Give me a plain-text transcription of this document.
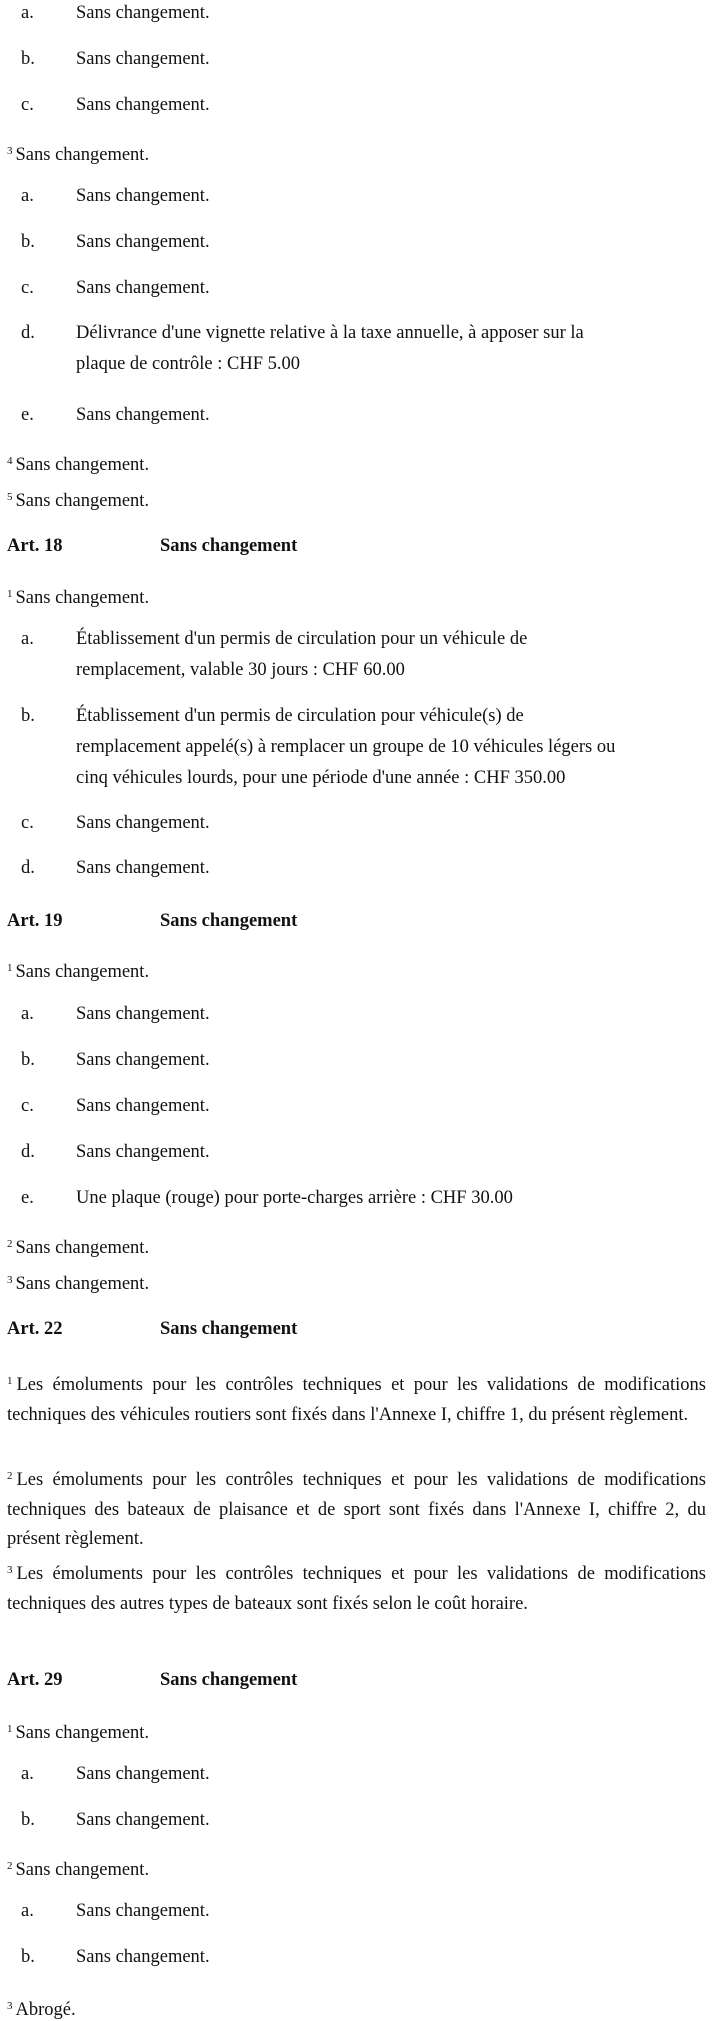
a.	Sans changement.
b.	Sans changement.
c.	Sans changement.
$^3$ Sans changement.
a.	Sans changement.
b.	Sans changement.
c.	Sans changement.
d.	Délivrance d'une vignette relative à la taxe annuelle, à apposer sur la
plaque de contrôle : CHF 5.00
e.	Sans changement.
$^4$ Sans changement.
$^5$ Sans changement.
Art. 18	Sans changement
$^1$ Sans changement.
a.	Établissement d'un permis de circulation pour un véhicule de
remplacement, valable 30 jours : CHF 60.00
b.	Établissement d'un permis de circulation pour véhicule(s) de
remplacement appelé(s) à remplacer un groupe de 10 véhicules légers ou
cinq véhicules lourds, pour une période d'une année : CHF 350.00
c.	Sans changement.
d.	Sans changement.
Art. 19	Sans changement
$^1$ Sans changement.
a.	Sans changement.
b.	Sans changement.
c.	Sans changement.
d.	Sans changement.
e.	Une plaque (rouge) pour porte-charges arrière : CHF 30.00
$^2$ Sans changement.
$^3$ Sans changement.
Art. 22	Sans changement
$^1$ Les émoluments pour les contrôles techniques et pour les validations de modifications techniques des véhicules routiers sont fixés dans l'Annexe I, chiffre 1, du présent règlement.
$^2$ Les émoluments pour les contrôles techniques et pour les validations de modifications techniques des bateaux de plaisance et de sport sont fixés dans l'Annexe I, chiffre 2, du présent règlement.
$^3$ Les émoluments pour les contrôles techniques et pour les validations de modifications techniques des autres types de bateaux sont fixés selon le coût horaire.
Art. 29	Sans changement
$^1$ Sans changement.
a.	Sans changement.
b.	Sans changement.
$^2$ Sans changement.
a.	Sans changement.
b.	Sans changement.
$^3$ Abrogé.
